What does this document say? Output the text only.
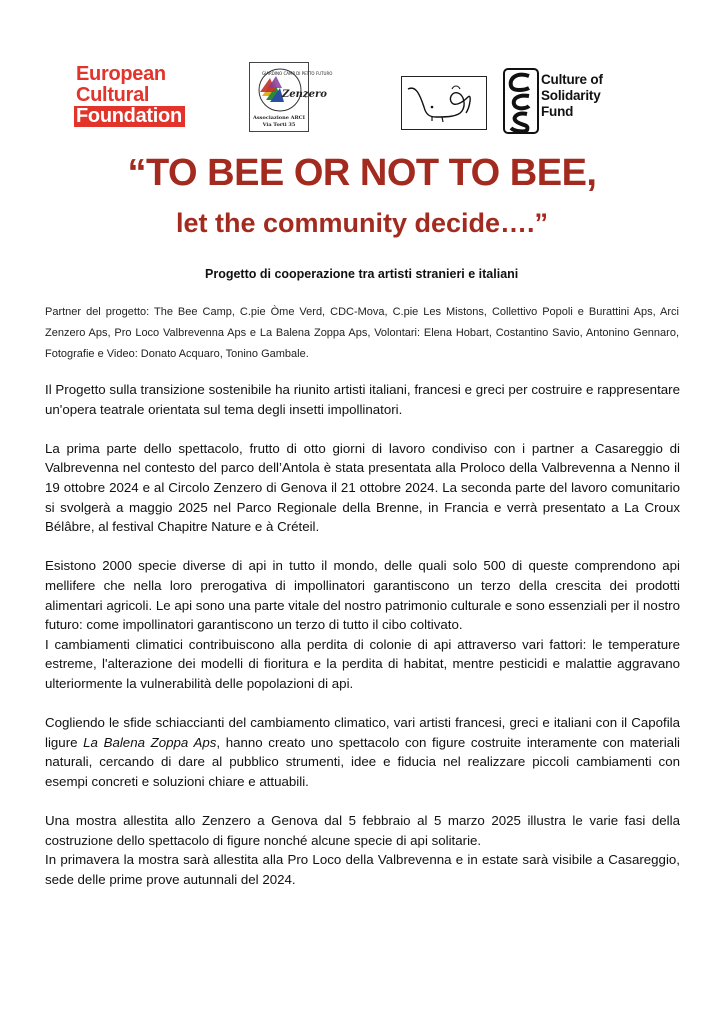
European
Cultural
Foundation
Zenzero
GIARDINO CAMP DI PETTO FUTURO
Associazione ARCI
Via Torti 35
Culture of
Solidarity
Fund
“TO BEE OR NOT TO BEE,
let the community decide….”
Progetto di cooperazione tra artisti stranieri e italiani
Partner del progetto: The Bee Camp, C.pie Òme Verd, CDC-Mova, C.pie Les Mistons, Collettivo Popoli e Burattini Aps, Arci Zenzero Aps, Pro Loco Valbrevenna Aps e La Balena Zoppa Aps, Volontari: Elena Hobart, Costantino Savio, Antonino Gennaro, Fotografie e Video: Donato Acquaro, Tonino Gambale.

Il Progetto sulla transizione sostenibile ha riunito artisti italiani, francesi e greci per costruire e rappresentare un'opera teatrale orientata sul tema degli insetti impollinatori.

La prima parte dello spettacolo, frutto di otto giorni di lavoro condiviso con i partner a Casareggio di Valbrevenna nel contesto del parco dell’Antola è stata presentata alla Proloco della Valbrevenna a Nenno il 19 ottobre 2024 e al Circolo Zenzero di Genova il 21 ottobre 2024. La seconda parte del lavoro comunitario si svolgerà a maggio 2025 nel Parco Regionale della Brenne, in Francia e verrà presentato a La Croux Bélâbre, al festival Chapitre Nature e à Créteil.

Esistono 2000 specie diverse di api in tutto il mondo, delle quali solo 500 di queste comprendono api mellifere che nella loro prerogativa di impollinatori garantiscono un terzo della crescita dei prodotti alimentari agricoli. Le api sono una parte vitale del nostro patrimonio culturale e sono essenziali per il nostro futuro: come impollinatori garantiscono un terzo di tutto il cibo coltivato.

I cambiamenti climatici contribuiscono alla perdita di colonie di api attraverso vari fattori: le temperature estreme, l'alterazione dei modelli di fioritura e la perdita di habitat, mentre pesticidi e malattie aggravano ulteriormente la vulnerabilità delle popolazioni di api.

Cogliendo le sfide schiaccianti del cambiamento climatico, vari artisti francesi, greci e italiani con il Capofila ligure La Balena Zoppa Aps, hanno creato uno spettacolo con figure costruite interamente con materiali naturali, cercando di dare al pubblico strumenti, idee e fiducia nel realizzare piccoli cambiamenti con esempi concreti e soluzioni chiare e attuabili.

Una mostra allestita allo Zenzero a Genova dal 5 febbraio al 5 marzo 2025 illustra le varie fasi della costruzione dello spettacolo di figure nonché alcune specie di api solitarie.

In primavera la mostra sarà allestita alla Pro Loco della Valbrevenna e in estate sarà visibile a Casareggio, sede delle prime prove autunnali del 2024.
